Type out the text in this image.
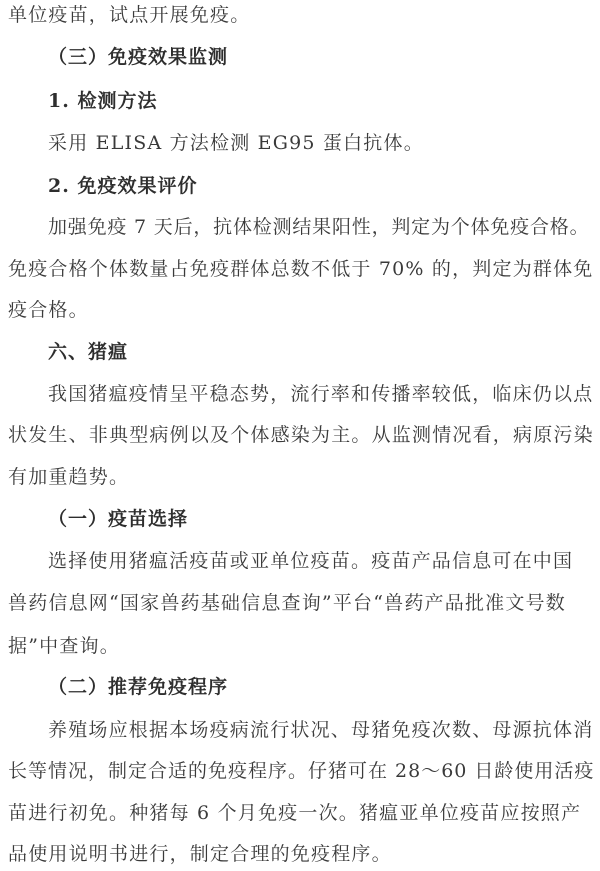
单位疫苗，试点开展免疫。
（三）免疫效果监测
1. 检测方法
采用 ELISA 方法检测 EG95 蛋白抗体。
2. 免疫效果评价
加强免疫 7 天后，抗体检测结果阳性，判定为个体免疫合格。
免疫合格个体数量占免疫群体总数不低于 70% 的，判定为群体免
疫合格。
六、猪瘟
我国猪瘟疫情呈平稳态势，流行率和传播率较低，临床仍以点
状发生、非典型病例以及个体感染为主。从监测情况看，病原污染
有加重趋势。
（一）疫苗选择
选择使用猪瘟活疫苗或亚单位疫苗。疫苗产品信息可在中国
兽药信息网“国家兽药基础信息查询”平台“兽药产品批准文号数
据”中查询。
（二）推荐免疫程序
养殖场应根据本场疫病流行状况、母猪免疫次数、母源抗体消
长等情况，制定合适的免疫程序。仔猪可在 28～60 日龄使用活疫
苗进行初免。种猪每 6 个月免疫一次。猪瘟亚单位疫苗应按照产
品使用说明书进行，制定合理的免疫程序。
